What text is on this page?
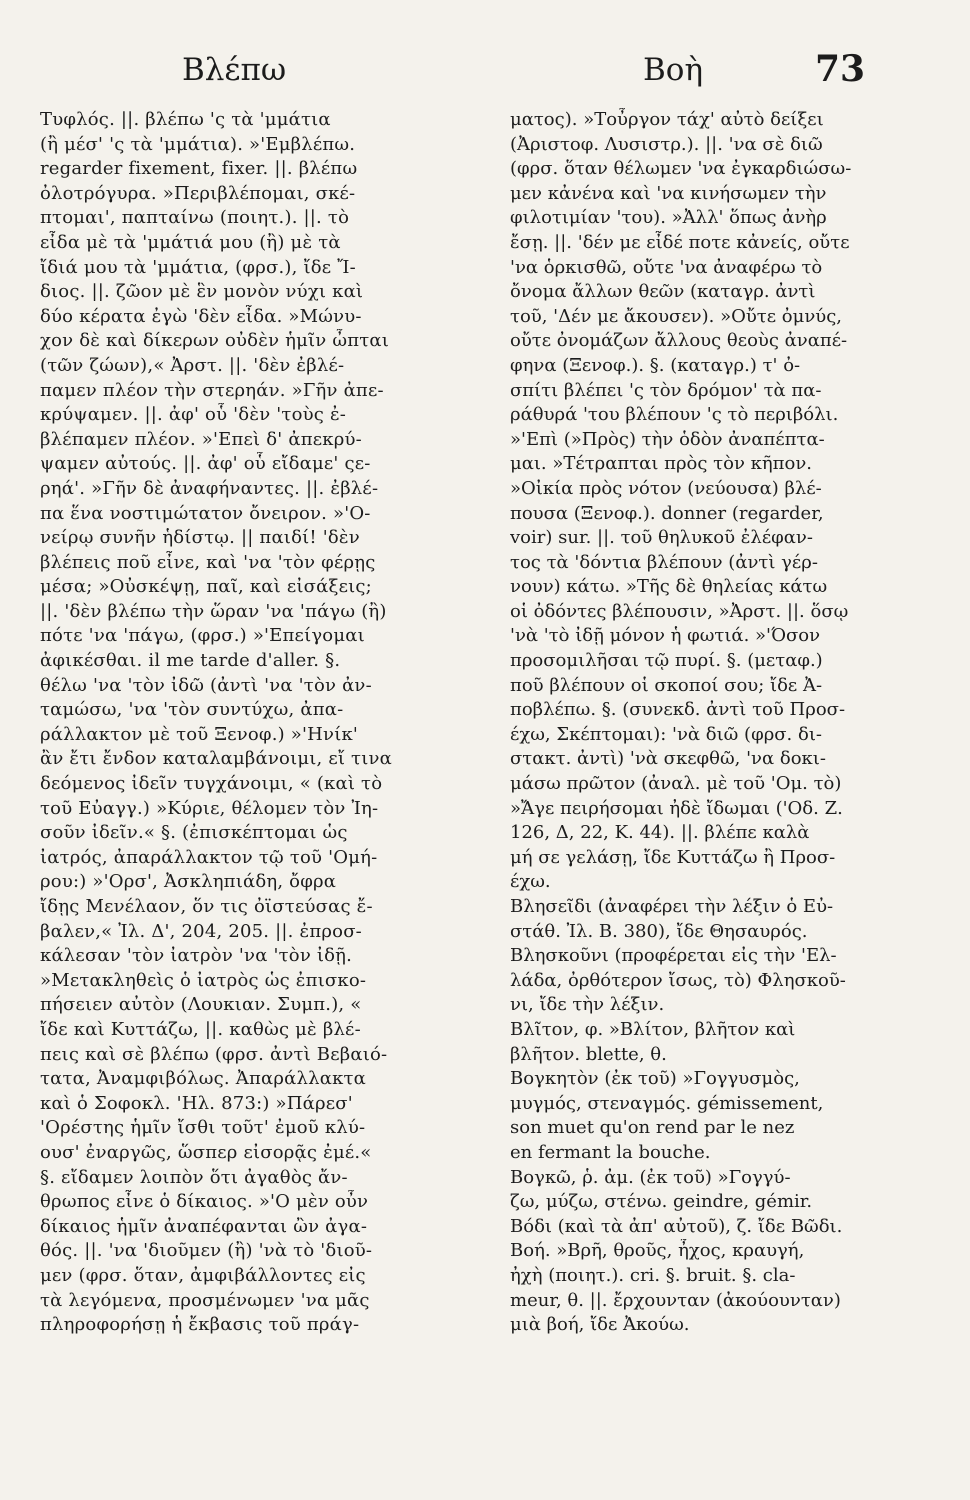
Βλέπω	Βοὴ	73
Τυφλός. ||. βλέπω 'ς τὰ 'μμάτια
(ἢ μέσ' 'ς τὰ 'μμάτια). »'Εμβλέπω.
regarder fixement, fixer. ||. βλέπω
ὀλοτρόγυρα. »Περιβλέπομαι, σκέ-
πτομαι', παπταίνω (ποιητ.). ||. τὸ
εἶδα μὲ τὰ 'μμάτιά μου (ἢ) μὲ τὰ
ἴδιά μου τὰ 'μμάτια, (φρσ.), ἴδε Ἴ-
διος. ||. ζῶον μὲ ἓν μονὸν νύχι καὶ
δύο κέρατα ἐγὼ 'δὲν εἶδα. »Μώνυ-
χον δὲ καὶ δίκερων οὐδὲν ἡμῖν ὦπται
(τῶν ζώων),« Ἀρστ. ||. 'δὲν ἐβλέ-
παμεν πλέον τὴν στερηάν. »Γῆν ἀπε-
κρύψαμεν. ||. ἀφ' οὗ 'δὲν 'τοὺς ἐ-
βλέπαμεν πλέον. »'Επεὶ δ' ἀπεκρύ-
ψαμεν αὐτούς. ||. ἀφ' οὗ εἴδαμε' ςε-
ρηά'. »Γῆν δὲ ἀναφήναντες. ||. ἐβλέ-
πα ἕνα νοστιμώτατον ὄνειρον. »'Ο-
νείρῳ συνῆν ἡδίστῳ. || παιδί! 'δὲν
βλέπεις ποῦ εἶνε, καὶ 'να 'τὸν φέρῃς
μέσα; »Οὐσκέψῃ, παῖ, καὶ εἰσάξεις;
||. 'δὲν βλέπω τὴν ὥραν 'να 'πάγω (ἢ)
πότε 'να 'πάγω, (φρσ.) »'Επείγομαι
ἀφικέσθαι. il me tarde d'aller. §.
θέλω 'να 'τὸν ἰδῶ (ἀντὶ 'να 'τὸν ἀν-
ταμώσω, 'να 'τὸν συντύχω, ἀπα-
ράλλακτον μὲ τοῦ Ξενοφ.) »'Ηνίκ'
ἂν ἔτι ἔνδον καταλαμβάνοιμι, εἴ τινα
δεόμενος ἰδεῖν τυγχάνοιμι, « (καὶ τὸ
τοῦ Εὐαγγ.) »Κύριε, θέλομεν τὸν Ἰη-
σοῦν ἰδεῖν.« §. (ἐπισκέπτομαι ὡς
ἰατρός, ἀπαράλλακτον τῷ τοῦ 'Ομή-
ρου:) »'Ορσ', Ἀσκληπιάδη, ὄφρα
ἴδῃς Μενέλαον, ὅν τις ὀϊστεύσας ἔ-
βαλεν,« Ἰλ. Δ', 204, 205. ||. ἐπροσ-
κάλεσαν 'τὸν ἰατρὸν 'να 'τὸν ἰδῇ.
»Μετακληθεὶς ὁ ἰατρὸς ὡς ἐπισκο-
πήσειεν αὐτὸν (Λουκιαν. Συμπ.), «
ἴδε καὶ Κυττάζω, ||. καθὼς μὲ βλέ-
πεις καὶ σὲ βλέπω (φρσ. ἀντὶ Βεβαιό-
τατα, Ἀναμφιβόλως. Ἀπαράλλακτα
καὶ ὁ Σοφοκλ. 'Ηλ. 873:) »Πάρεσ'
'Ορέστης ἡμῖν ἴσθι τοῦτ' ἐμοῦ κλύ-
ουσ' ἐναργῶς, ὥσπερ εἰσορᾷς ἐμέ.«
§. εἴδαμεν λοιπὸν ὅτι ἀγαθὸς ἄν-
θρωπος εἶνε ὁ δίκαιος. »'Ο μὲν οὖν
δίκαιος ἡμῖν ἀναπέφανται ὢν ἀγα-
θός. ||. 'να 'διοῦμεν (ἢ) 'νὰ τὸ 'διοῦ-
μεν (φρσ. ὅταν, ἀμφιβάλλοντες εἰς
τὰ λεγόμενα, προσμένωμεν 'να μᾶς
πληροφορήσῃ ἡ ἔκβασις τοῦ πράγ-
ματος). »Τοὖργον τάχ' αὐτὸ δείξει
(Ἀριστοφ. Λυσιστρ.). ||. 'να σὲ διῶ
(φρσ. ὅταν θέλωμεν 'να ἐγκαρδιώσω-
μεν κἀνένα καὶ 'να κινήσωμεν τὴν
φιλοτιμίαν 'του). »Ἀλλ' ὅπως ἀνὴρ
ἔσῃ. ||. 'δέν με εἶδέ ποτε κἀνείς, οὔτε
'να ὁρκισθῶ, οὔτε 'να ἀναφέρω τὸ
ὄνομα ἄλλων θεῶν (καταγρ. ἀντὶ
τοῦ, 'Δέν με ἄκουσεν). »Οὔτε ὀμνύς,
οὔτε ὀνομάζων ἄλλους θεοὺς ἀναπέ-
φηνα (Ξενοφ.). §. (καταγρ.) τ' ὀ-
σπίτι βλέπει 'ς τὸν δρόμον' τὰ πα-
ράθυρά 'του βλέπουν 'ς τὸ περιβόλι.
»'Επὶ (»Πρὸς) τὴν ὁδὸν ἀναπέπτα-
μαι. »Τέτραπται πρὸς τὸν κῆπον.
»Οἰκία πρὸς νότον (νεύουσα) βλέ-
πουσα (Ξενοφ.). donner (regarder,
voir) sur. ||. τοῦ θηλυκοῦ ἐλέφαν-
τος τὰ 'δόντια βλέπουν (ἀντὶ γέρ-
νουν) κάτω. »Τῆς δὲ θηλείας κάτω
οἱ ὀδόντες βλέπουσιν, »Ἀρστ. ||. ὅσῳ
'νὰ 'τὸ ἰδῇ μόνον ἡ φωτιά. »'Όσον
προσομιλῆσαι τῷ πυρί. §. (μεταφ.)
ποῦ βλέπουν οἱ σκοποί σου; ἴδε Ἀ-
ποβλέπω. §. (συνεκδ. ἀντὶ τοῦ Προσ-
έχω, Σκέπτομαι): 'νὰ διῶ (φρσ. δι-
στακτ. ἀντὶ) 'νὰ σκεφθῶ, 'να δοκι-
μάσω πρῶτον (ἀναλ. μὲ τοῦ 'Ομ. τὸ)
»Ἄγε πειρήσομαι ἠδὲ ἴδωμαι ('Οδ. Ζ.
126, Δ, 22, Κ. 44). ||. βλέπε καλὰ
μή σε γελάσῃ, ἴδε Κυττάζω ἢ Προσ-
έχω.
Βλησεῖδι (ἀναφέρει τὴν λέξιν ὁ Εὐ-
στάθ. Ἰλ. Β. 380), ἴδε Θησαυρός.
Βλησκοῦνι (προφέρεται εἰς τὴν 'Ελ-
λάδα, ὀρθότερον ἴσως, τὸ) Φλησκοῦ-
νι, ἴδε τὴν λέξιν.
Βλῖτον, φ. »Βλίτον, βλῆτον καὶ
βλῆτον. blette, θ.
Βογκητὸν (ἐκ τοῦ) »Γογγυσμὸς,
μυγμός, στεναγμός. gémissement,
son muet qu'on rend par le nez
en fermant la bouche.
Βογκῶ, ῥ. ἀμ. (ἐκ τοῦ) »Γογγύ-
ζω, μύζω, στένω. geindre, gémir.
Βόδι (καὶ τὰ ἀπ' αὐτοῦ), ζ. ἴδε Βῶδι.
Βοή. »Βρῆ, θροῦς, ἦχος, κραυγή,
ἠχὴ (ποιητ.). cri. §. bruit. §. cla-
meur, θ. ||. ἔρχουνταν (ἀκούουνταν)
μιὰ βοή, ἴδε Ἀκούω.
